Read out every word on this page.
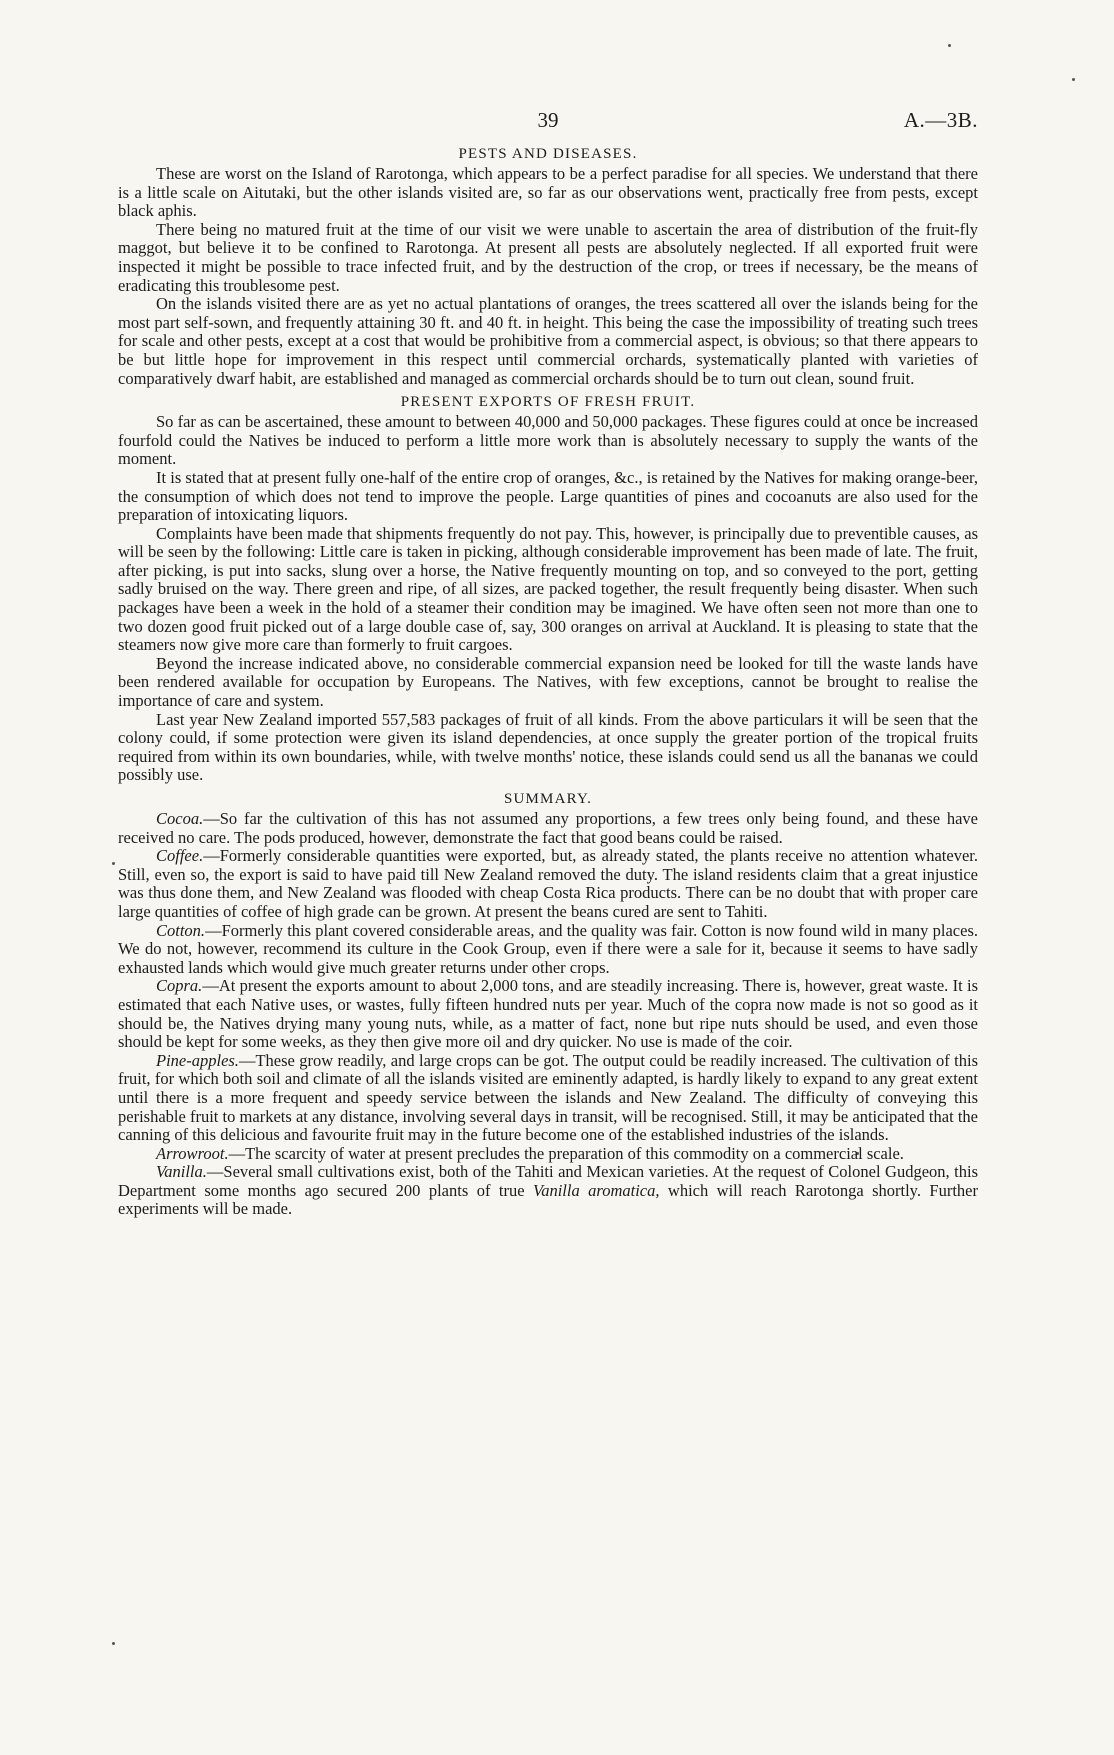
39	A.—3B.
PESTS AND DISEASES.

These are worst on the Island of Rarotonga, which appears to be a perfect paradise for all species. We understand that there is a little scale on Aitutaki, but the other islands visited are, so far as our observations went, practically free from pests, except black aphis.

There being no matured fruit at the time of our visit we were unable to ascertain the area of distribution of the fruit-fly maggot, but believe it to be confined to Rarotonga. At present all pests are absolutely neglected. If all exported fruit were inspected it might be possible to trace infected fruit, and by the destruction of the crop, or trees if necessary, be the means of eradicating this troublesome pest.

On the islands visited there are as yet no actual plantations of oranges, the trees scattered all over the islands being for the most part self-sown, and frequently attaining 30 ft. and 40 ft. in height. This being the case the impossibility of treating such trees for scale and other pests, except at a cost that would be prohibitive from a commercial aspect, is obvious; so that there appears to be but little hope for improvement in this respect until commercial orchards, systematically planted with varieties of comparatively dwarf habit, are established and managed as commercial orchards should be to turn out clean, sound fruit.

PRESENT EXPORTS OF FRESH FRUIT.

So far as can be ascertained, these amount to between 40,000 and 50,000 packages. These figures could at once be increased fourfold could the Natives be induced to perform a little more work than is absolutely necessary to supply the wants of the moment.

It is stated that at present fully one-half of the entire crop of oranges, &c., is retained by the Natives for making orange-beer, the consumption of which does not tend to improve the people. Large quantities of pines and cocoanuts are also used for the preparation of intoxicating liquors.

Complaints have been made that shipments frequently do not pay. This, however, is principally due to preventible causes, as will be seen by the following: Little care is taken in picking, although considerable improvement has been made of late. The fruit, after picking, is put into sacks, slung over a horse, the Native frequently mounting on top, and so conveyed to the port, getting sadly bruised on the way. There green and ripe, of all sizes, are packed together, the result frequently being disaster. When such packages have been a week in the hold of a steamer their condition may be imagined. We have often seen not more than one to two dozen good fruit picked out of a large double case of, say, 300 oranges on arrival at Auckland. It is pleasing to state that the steamers now give more care than formerly to fruit cargoes.

Beyond the increase indicated above, no considerable commercial expansion need be looked for till the waste lands have been rendered available for occupation by Europeans. The Natives, with few exceptions, cannot be brought to realise the importance of care and system.

Last year New Zealand imported 557,583 packages of fruit of all kinds. From the above particulars it will be seen that the colony could, if some protection were given its island dependencies, at once supply the greater portion of the tropical fruits required from within its own boundaries, while, with twelve months' notice, these islands could send us all the bananas we could possibly use.

SUMMARY.

Cocoa.—So far the cultivation of this has not assumed any proportions, a few trees only being found, and these have received no care. The pods produced, however, demonstrate the fact that good beans could be raised.

Coffee.—Formerly considerable quantities were exported, but, as already stated, the plants receive no attention whatever. Still, even so, the export is said to have paid till New Zealand removed the duty. The island residents claim that a great injustice was thus done them, and New Zealand was flooded with cheap Costa Rica products. There can be no doubt that with proper care large quantities of coffee of high grade can be grown. At present the beans cured are sent to Tahiti.

Cotton.—Formerly this plant covered considerable areas, and the quality was fair. Cotton is now found wild in many places. We do not, however, recommend its culture in the Cook Group, even if there were a sale for it, because it seems to have sadly exhausted lands which would give much greater returns under other crops.

Copra.—At present the exports amount to about 2,000 tons, and are steadily increasing. There is, however, great waste. It is estimated that each Native uses, or wastes, fully fifteen hundred nuts per year. Much of the copra now made is not so good as it should be, the Natives drying many young nuts, while, as a matter of fact, none but ripe nuts should be used, and even those should be kept for some weeks, as they then give more oil and dry quicker. No use is made of the coir.

Pine-apples.—These grow readily, and large crops can be got. The output could be readily increased. The cultivation of this fruit, for which both soil and climate of all the islands visited are eminently adapted, is hardly likely to expand to any great extent until there is a more frequent and speedy service between the islands and New Zealand. The difficulty of conveying this perishable fruit to markets at any distance, involving several days in transit, will be recognised. Still, it may be anticipated that the canning of this delicious and favourite fruit may in the future become one of the established industries of the islands.

Arrowroot.—The scarcity of water at present precludes the preparation of this commodity on a commercial scale.

Vanilla.—Several small cultivations exist, both of the Tahiti and Mexican varieties. At the request of Colonel Gudgeon, this Department some months ago secured 200 plants of true Vanilla aromatica, which will reach Rarotonga shortly. Further experiments will be made.
